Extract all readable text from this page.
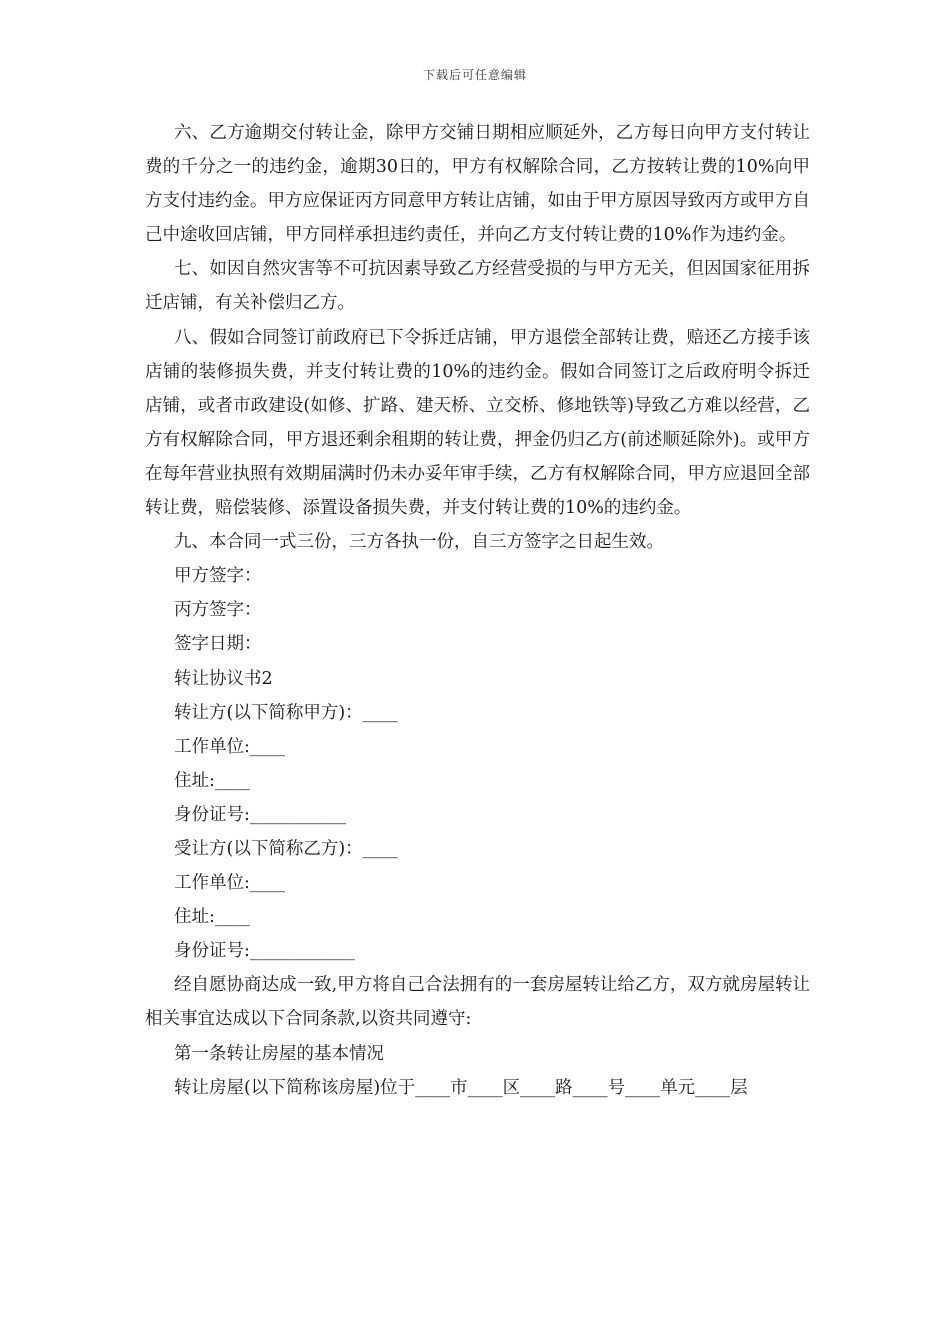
下载后可任意编辑

六、乙方逾期交付转让金，除甲方交铺日期相应顺延外，乙方每日向甲方支付转让费的千分之一的违约金，逾期30日的，甲方有权解除合同，乙方按转让费的10%向甲方支付违约金。甲方应保证丙方同意甲方转让店铺，如由于甲方原因导致丙方或甲方自己中途收回店铺，甲方同样承担违约责任，并向乙方支付转让费的10%作为违约金。

七、如因自然灾害等不可抗因素导致乙方经营受损的与甲方无关，但因国家征用拆迁店铺，有关补偿归乙方。

八、假如合同签订前政府已下令拆迁店铺，甲方退偿全部转让费，赔还乙方接手该店铺的装修损失费，并支付转让费的10%的违约金。假如合同签订之后政府明令拆迁店铺，或者市政建设(如修、扩路、建天桥、立交桥、修地铁等)导致乙方难以经营，乙方有权解除合同，甲方退还剩余租期的转让费，押金仍归乙方(前述顺延除外)。或甲方在每年营业执照有效期届满时仍未办妥年审手续，乙方有权解除合同，甲方应退回全部转让费，赔偿装修、添置设备损失费，并支付转让费的10%的违约金。

九、本合同一式三份，三方各执一份，自三方签字之日起生效。

甲方签字：

丙方签字：

签字日期：

转让协议书2

转让方(以下简称甲方)：____

工作单位:____

住址:____

身份证号:___________

受让方(以下简称乙方)：____

工作单位:____

住址:____

身份证号:____________

经自愿协商达成一致,甲方将自己合法拥有的一套房屋转让给乙方，双方就房屋转让相关事宜达成以下合同条款,以资共同遵守:

第一条转让房屋的基本情况

转让房屋(以下简称该房屋)位于____市____区____路____号____单元____层
